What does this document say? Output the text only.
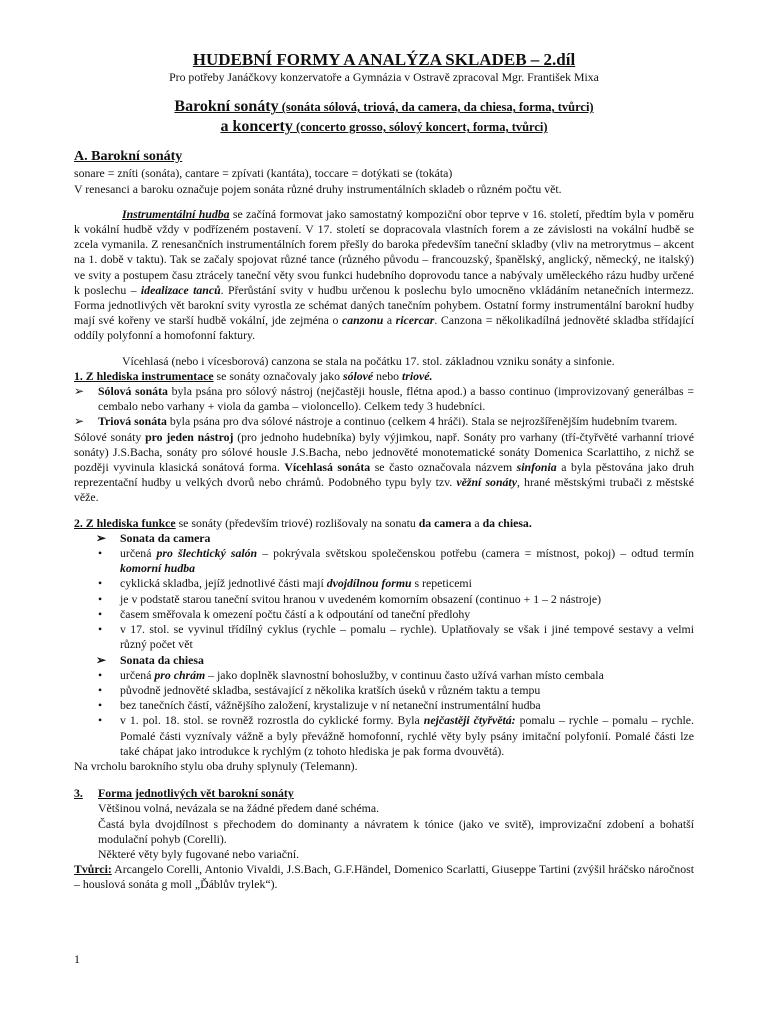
HUDEBNÍ FORMY A ANALÝZA SKLADEB – 2.díl

Pro potřeby Janáčkovy konzervatoře a Gymnázia v Ostravě zpracoval Mgr. František Mixa

Barokní sonáty (sonáta sólová, triová, da camera, da chiesa, forma, tvůrci)
a koncerty (concerto grosso, sólový koncert, forma, tvůrci)
A. Barokní sonáty

sonare = zníti (sonáta), cantare = zpívati (kantáta), toccare = dotýkati se (tokáta)

V renesanci a baroku označuje pojem sonáta různé druhy instrumentálních skladeb o různém počtu vět.

Instrumentální hudba se začíná formovat jako samostatný kompoziční obor teprve v 16. století, předtím byla v poměru k vokální hudbě vždy v podřízeném postavení. V 17. století se dopracovala vlastních forem a ze závislosti na vokální hudbě se zcela vymanila. Z renesančních instrumentálních forem přešly do baroka především taneční skladby (vliv na metrorytmus – akcent na 1. době v taktu). Tak se začaly spojovat různé tance (různého původu – francouzský, španělský, anglický, německý, ne italský) ve svity a postupem času ztrácely taneční věty svou funkci hudebního doprovodu tance a nabývaly uměleckého rázu hudby určené k poslechu – idealizace tanců. Přerůstání svity v hudbu určenou k poslechu bylo umocněno vkládáním netanečních intermezz. Forma jednotlivých vět barokní svity vyrostla ze schémat daných tanečním pohybem. Ostatní formy instrumentální barokní hudby mají své kořeny ve starší hudbě vokální, jde zejména o canzonu a ricercar. Canzona = několikadílná jednověté skladba střídající oddíly polyfonní a homofonní faktury.

Vícehlasá (nebo i vícesborová) canzona se stala na počátku 17. stol. základnou vzniku sonáty a sinfonie.

1. Z hlediska instrumentace se sonáty označovaly jako sólové nebo triové.

➢ Sólová sonáta byla psána pro sólový nástroj (nejčastěji housle, flétna apod.) a basso continuo (improvizovaný generálbas = cembalo nebo varhany + viola da gamba – violoncello). Celkem tedy 3 hudebníci.
➢ Triová sonáta byla psána pro dva sólové nástroje a continuo (celkem 4 hráči). Stala se nejrozšířenějším hudebním tvarem.

Sólové sonáty pro jeden nástroj (pro jednoho hudebníka) byly výjimkou, např. Sonáty pro varhany (tří-čtyřvěté varhanní triové sonáty) J.S.Bacha, sonáty pro sólové housle J.S.Bacha, nebo jednověté monotematické sonáty Domenica Scarlattiho, z nichž se později vyvinula klasická sonátová forma. Vícehlasá sonáta se často označovala názvem sinfonia a byla pěstována jako druh reprezentační hudby u velkých dvorů nebo chrámů. Podobného typu byly tzv. věžní sonáty, hrané městskými trubači z městské věže.

2. Z hlediska funkce se sonáty (především triové) rozlišovaly na sonatu da camera a da chiesa.

➢ Sonata da camera
• určená pro šlechtický salón – pokrývala světskou společenskou potřebu (camera = místnost, pokoj) – odtud termín komorní hudba
• cyklická skladba, jejíž jednotlivé části mají dvojdílnou formu s repeticemi
• je v podstatě starou taneční svitou hranou v uvedeném komorním obsazení (continuo + 1 – 2 nástroje)
• časem směřovala k omezení počtu částí a k odpoutání od taneční předlohy
• v 17. stol. se vyvinul třídílný cyklus (rychle – pomalu – rychle). Uplatňovaly se však i jiné tempové sestavy a velmi různý počet vět
➢ Sonata da chiesa
• určená pro chrám – jako doplněk slavnostní bohoslužby, v continuu často užívá varhan místo cembala
• původně jednověté skladba, sestávající z několika kratších úseků v různém taktu a tempu
• bez tanečních částí, vážnějšího založení, krystalizuje v ní netaneční instrumentální hudba
• v 1. pol. 18. stol. se rovněž rozrostla do cyklické formy. Byla nejčastěji čtyřvětá: pomalu – rychle – pomalu – rychle. Pomalé části vyznívaly vážně a byly převážně homofonní, rychlé věty byly psány imitační polyfonií. Pomalé části lze také chápat jako introdukce k rychlým (z tohoto hlediska je pak forma dvouvětá).

Na vrcholu barokního stylu oba druhy splynuly (Telemann).

3. Forma jednotlivých vět barokní sonáty

Většinou volná, nevázala se na žádné předem dané schéma.

Častá byla dvojdílnost s přechodem do dominanty a návratem k tónice (jako ve svitě), improvizační zdobení a bohatší modulační pohyb (Corelli).

Některé věty byly fugované nebo variační.

Tvůrci: Arcangelo Corelli, Antonio Vivaldi, J.S.Bach, G.F.Händel, Domenico Scarlatti, Giuseppe Tartini (zvýšil hráčsko náročnost – houslová sonáta g moll „Ďáblův trylek“).

1
